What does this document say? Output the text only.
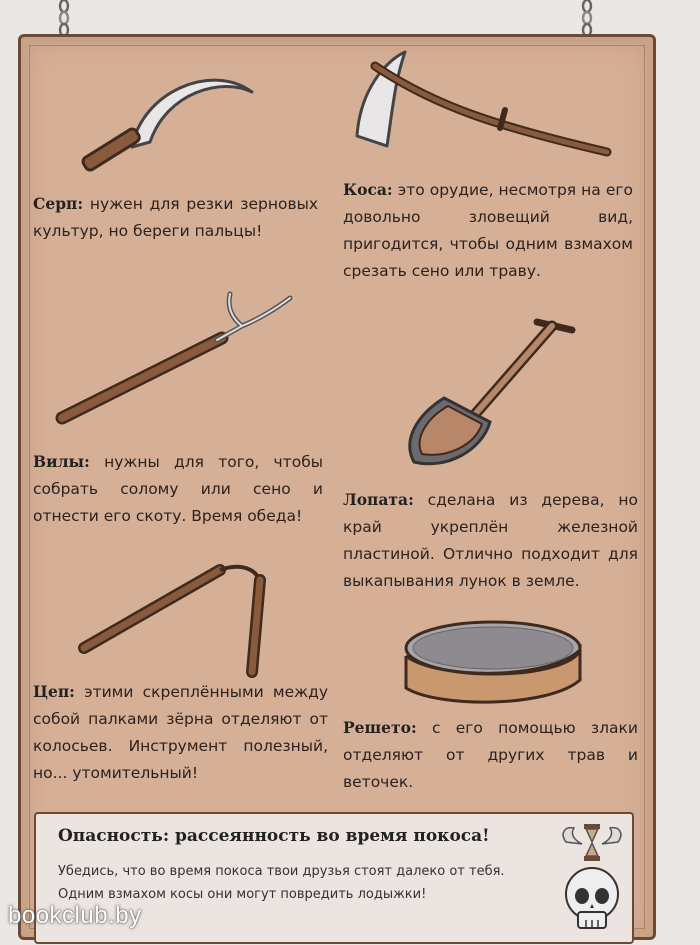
Серп: нужен для резки зерновых культур, но береги пальцы!
Коса: это орудие, несмотря на его довольно зловещий вид, пригодится, чтобы одним взмахом срезать сено или траву.
Вилы: нужны для того, чтобы собрать солому или сено и отнести его скоту. Время обеда!
Лопата: сделана из дерева, но край укреплён железной пластиной. Отлично подходит для выкапывания лунок в земле.
Цеп: этими скреплёнными между собой палками зёрна отделяют от колосьев. Инструмент полезный, но... утомительный!
Решето: с его помощью злаки отделяют от других трав и веточек.
Опасность: рассеянность во время покоса!
Убедись, что во время покоса твои друзья стоят далеко от тебя. Одним взмахом косы они могут повредить лодыжки!
bookclub.by
